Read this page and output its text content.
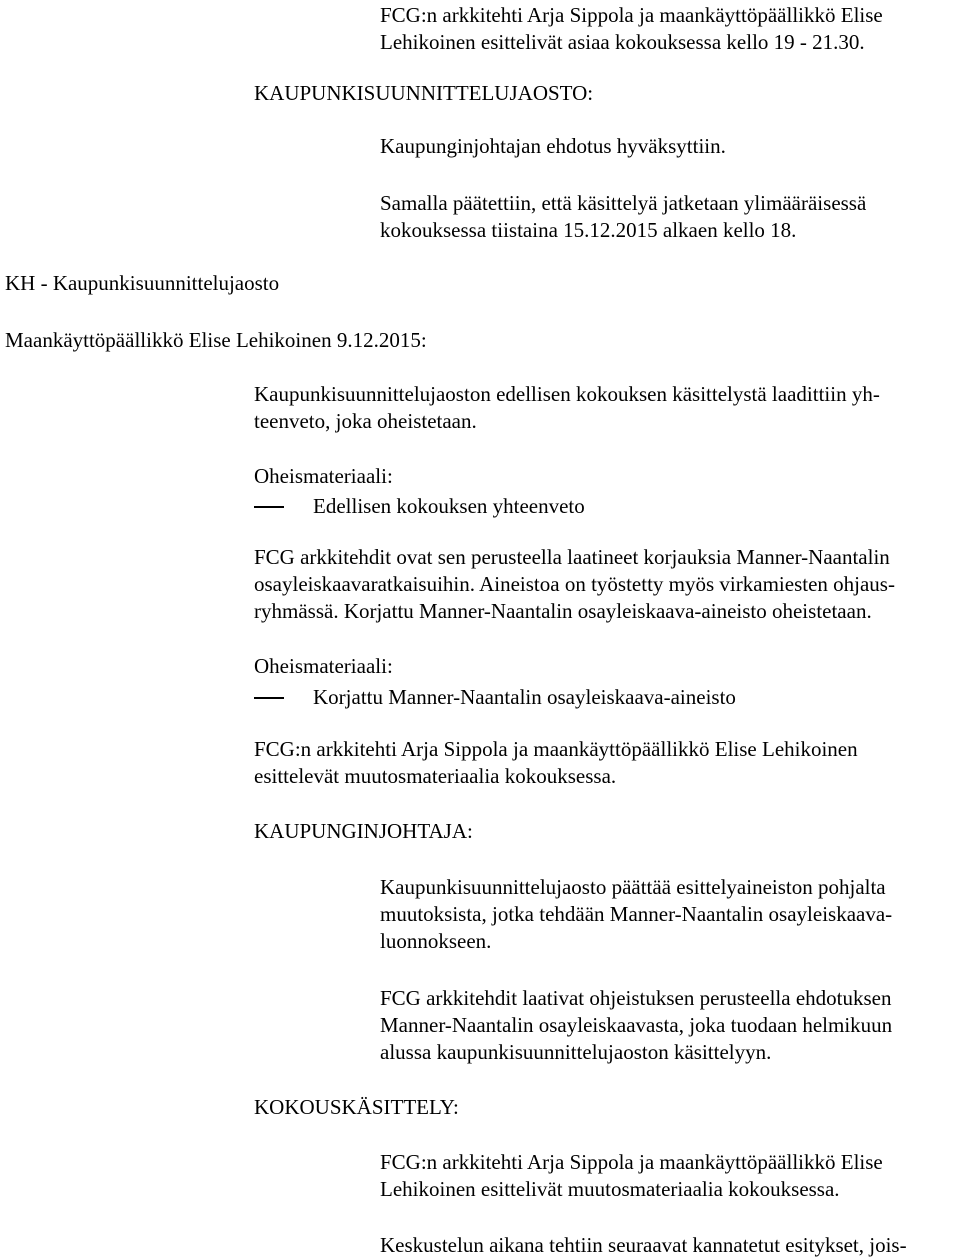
FCG:n arkkitehti Arja Sippola ja maankäyttöpäällikkö Elise
Lehikoinen esittelivät asiaa kokouksessa kello 19 - 21.30.
KAUPUNKISUUNNITTELUJAOSTO:
Kaupunginjohtajan ehdotus hyväksyttiin.
Samalla päätettiin, että käsittelyä jatketaan ylimääräisessä
kokouksessa tiistaina 15.12.2015 alkaen kello 18.
KH - Kaupunkisuunnittelujaosto
Maankäyttöpäällikkö Elise Lehikoinen 9.12.2015:
Kaupunkisuunnittelujaoston edellisen kokouksen käsittelystä laadittiin yh-
teenveto, joka oheistetaan.
Oheismateriaali:
Edellisen kokouksen yhteenveto
FCG arkkitehdit ovat sen perusteella laatineet korjauksia Manner-Naantalin
osayleiskaavaratkaisuihin. Aineistoa on työstetty myös virkamiesten ohjaus-
ryhmässä. Korjattu Manner-Naantalin osayleiskaava-aineisto oheistetaan.
Oheismateriaali:
Korjattu Manner-Naantalin osayleiskaava-aineisto
FCG:n arkkitehti Arja Sippola ja maankäyttöpäällikkö Elise Lehikoinen
esittelevät muutosmateriaalia kokouksessa.
KAUPUNGINJOHTAJA:
Kaupunkisuunnittelujaosto päättää esittelyaineiston pohjalta
muutoksista, jotka tehdään Manner-Naantalin osayleiskaava-
luonnokseen.
FCG arkkitehdit laativat ohjeistuksen perusteella ehdotuksen
Manner-Naantalin osayleiskaavasta, joka tuodaan helmikuun
alussa kaupunkisuunnittelujaoston käsittelyyn.
KOKOUSKÄSITTELY:
FCG:n arkkitehti Arja Sippola ja maankäyttöpäällikkö Elise
Lehikoinen esittelivät muutosmateriaalia kokouksessa.
Keskustelun aikana tehtiin seuraavat kannatetut esitykset, jois-
